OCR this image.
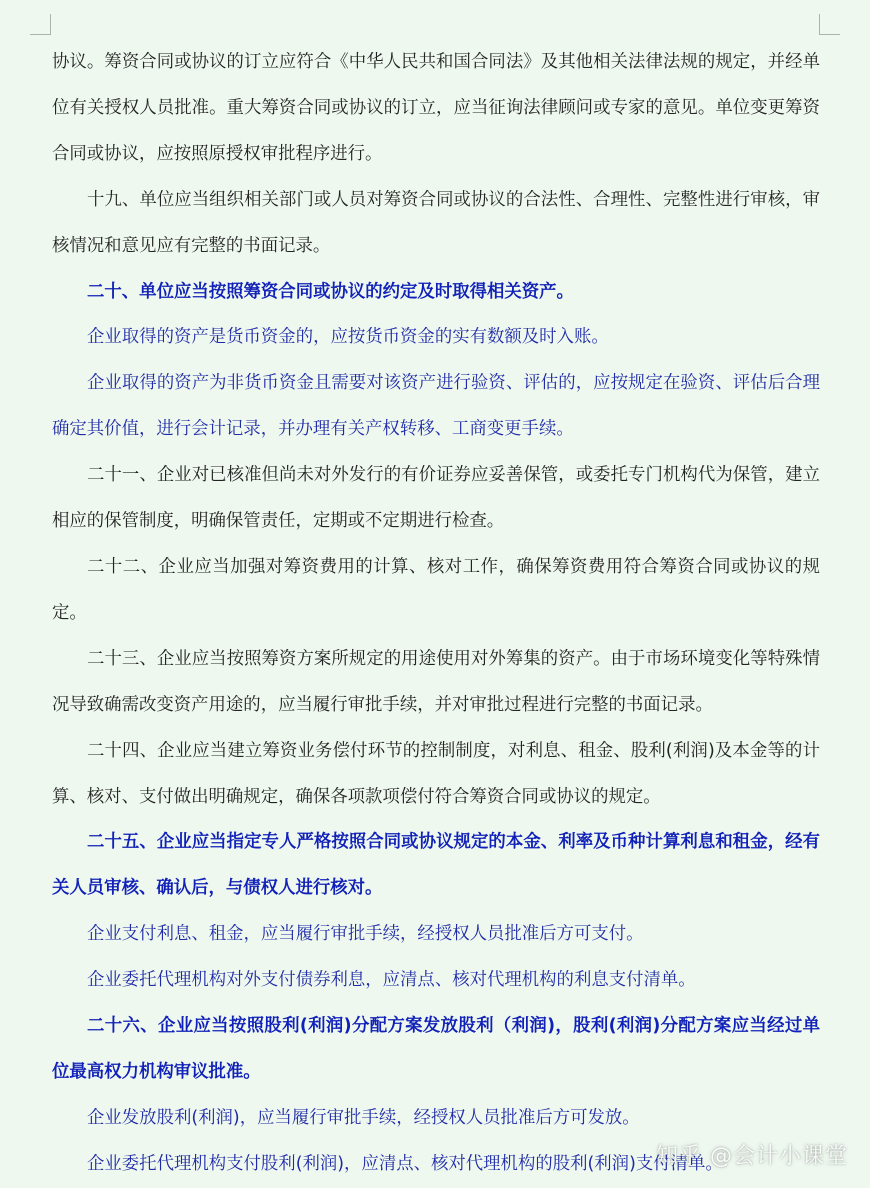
协议。筹资合同或协议的订立应符合《中华人民共和国合同法》及其他相关法律法规的规定，并经单位有关授权人员批准。重大筹资合同或协议的订立，应当征询法律顾问或专家的意见。单位变更筹资合同或协议，应按照原授权审批程序进行。

十九、单位应当组织相关部门或人员对筹资合同或协议的合法性、合理性、完整性进行审核，审核情况和意见应有完整的书面记录。

二十、单位应当按照筹资合同或协议的约定及时取得相关资产。

企业取得的资产是货币资金的，应按货币资金的实有数额及时入账。

企业取得的资产为非货币资金且需要对该资产进行验资、评估的，应按规定在验资、评估后合理确定其价值，进行会计记录，并办理有关产权转移、工商变更手续。

二十一、企业对已核准但尚未对外发行的有价证券应妥善保管，或委托专门机构代为保管，建立相应的保管制度，明确保管责任，定期或不定期进行检查。

二十二、企业应当加强对筹资费用的计算、核对工作，确保筹资费用符合筹资合同或协议的规定。

二十三、企业应当按照筹资方案所规定的用途使用对外筹集的资产。由于市场环境变化等特殊情况导致确需改变资产用途的，应当履行审批手续，并对审批过程进行完整的书面记录。

二十四、企业应当建立筹资业务偿付环节的控制制度，对利息、租金、股利(利润)及本金等的计算、核对、支付做出明确规定，确保各项款项偿付符合筹资合同或协议的规定。

二十五、企业应当指定专人严格按照合同或协议规定的本金、利率及币种计算利息和租金，经有关人员审核、确认后，与债权人进行核对。

企业支付利息、租金，应当履行审批手续，经授权人员批准后方可支付。

企业委托代理机构对外支付债券利息，应清点、核对代理机构的利息支付清单。

二十六、企业应当按照股利(利润)分配方案发放股利（利润)，股利(利润)分配方案应当经过单位最高权力机构审议批准。

企业发放股利(利润)，应当履行审批手续，经授权人员批准后方可发放。

企业委托代理机构支付股利(利润)，应清点、核对代理机构的股利(利润)支付清单。

知乎 @会计小课堂
